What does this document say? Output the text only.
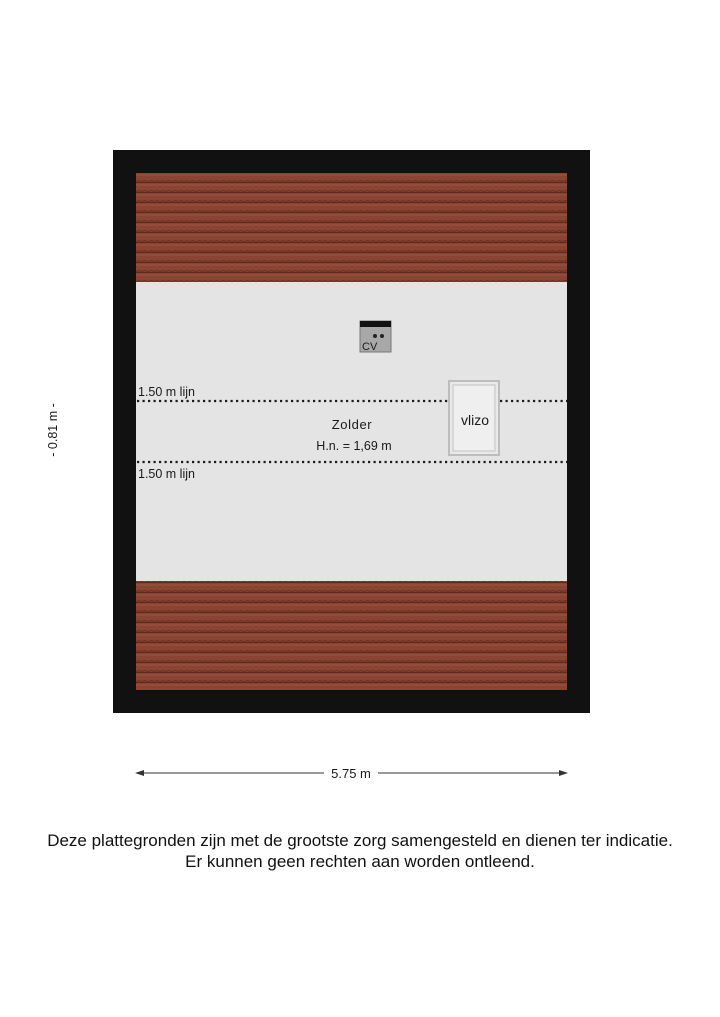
1.50 m lijn
1.50 m lijn
Zolder
H.n. = 1,69 m
CV
vlizo
5.75 m
- 0.81 m -
Deze plattegronden zijn met de grootste zorg samengesteld en dienen ter indicatie.
Er kunnen geen rechten aan worden ontleend.
